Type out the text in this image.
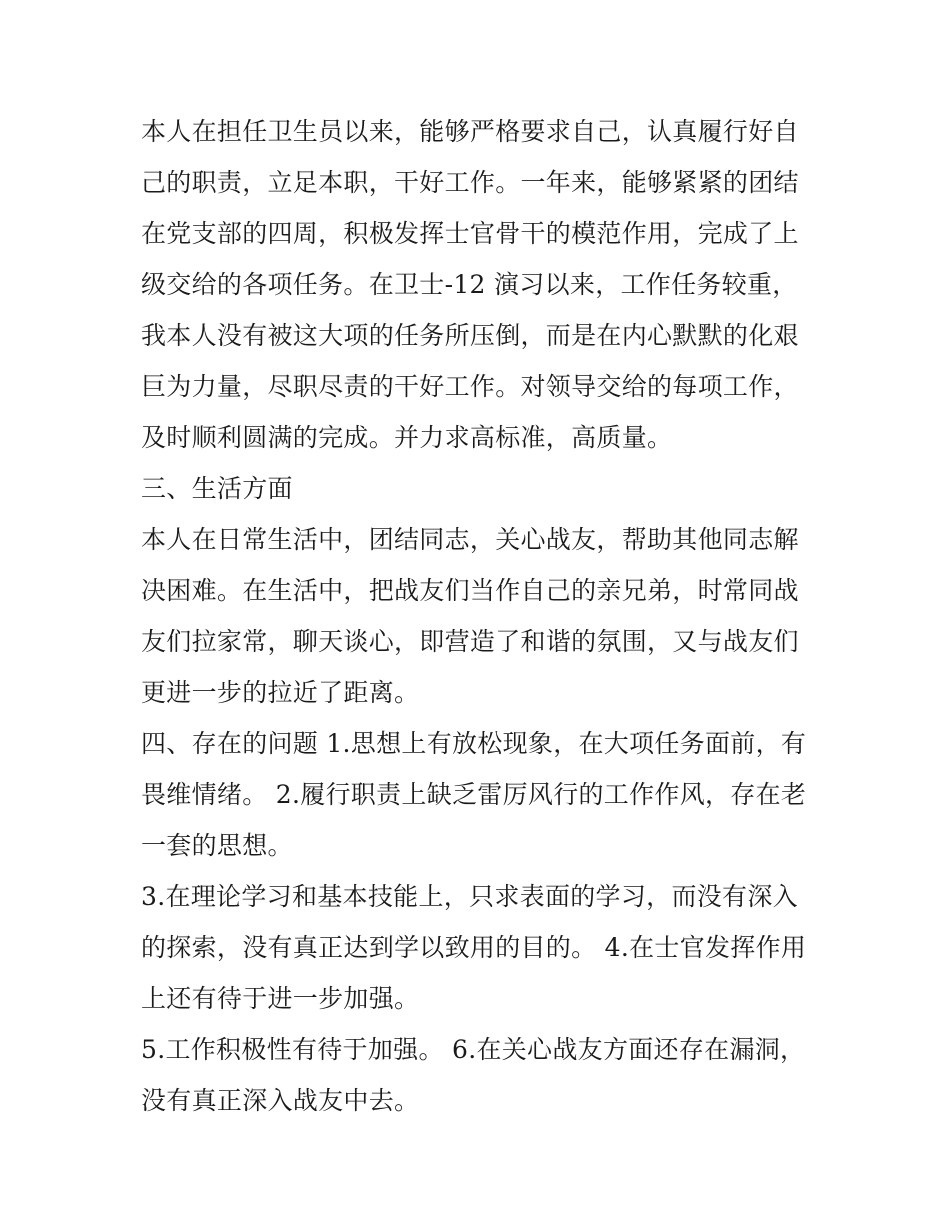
本人在担任卫生员以来，能够严格要求自己，认真履行好自己的职责，立足本职，干好工作。一年来，能够紧紧的团结在党支部的四周，积极发挥士官骨干的模范作用，完成了上级交给的各项任务。在卫士-12 演习以来，工作任务较重，我本人没有被这大项的任务所压倒，而是在内心默默的化艰巨为力量，尽职尽责的干好工作。对领导交给的每项工作，及时顺利圆满的完成。并力求高标准，高质量。

三、生活方面

本人在日常生活中，团结同志，关心战友，帮助其他同志解决困难。在生活中，把战友们当作自己的亲兄弟，时常同战友们拉家常，聊天谈心，即营造了和谐的氛围，又与战友们更进一步的拉近了距离。

四、存在的问题 1.思想上有放松现象，在大项任务面前，有畏维情绪。 2.履行职责上缺乏雷厉风行的工作作风，存在老一套的思想。

3.在理论学习和基本技能上，只求表面的学习，而没有深入的探索，没有真正达到学以致用的目的。 4.在士官发挥作用上还有待于进一步加强。

5.工作积极性有待于加强。 6.在关心战友方面还存在漏洞，没有真正深入战友中去。
